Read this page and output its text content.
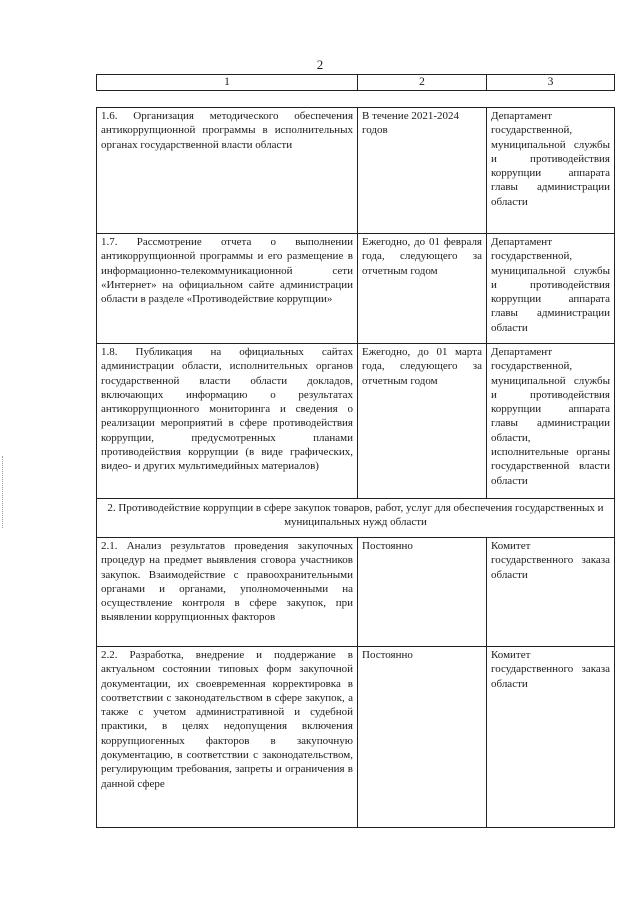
2
1	2	3
1.6. Организация методического обеспечения антикоррупционной программы в исполнительных органах государственной власти области	В течение 2021-2024 годов	Департамент государственной, муниципальной службы и противодействия коррупции аппарата главы администрации области
1.7. Рассмотрение отчета о выполнении антикоррупционной программы и его размещение в информационно-телекоммуникационной сети «Интернет» на официальном сайте администрации области в разделе «Противодействие коррупции»	Ежегодно, до 01 февраля года, следующего за отчетным годом	Департамент государственной, муниципальной службы и противодействия коррупции аппарата главы администрации области
1.8. Публикация на официальных сайтах администрации области, исполнительных органов государственной власти области докладов, включающих информацию о результатах антикоррупционного мониторинга и сведения о реализации мероприятий в сфере противодействия коррупции, предусмотренных планами противодействия коррупции (в виде графических, видео- и других мультимедийных материалов)	Ежегодно, до 01 марта года, следующего за отчетным годом	Департамент государственной, муниципальной службы и противодействия коррупции аппарата главы администрации области, исполнительные органы государственной власти области
2. Противодействие коррупции в сфере закупок товаров, работ, услуг для обеспечения государственных и муниципальных нужд области		
2.1. Анализ результатов проведения закупочных процедур на предмет выявления сговора участников закупок. Взаимодействие с правоохранительными органами и органами, уполномоченными на осуществление контроля в сфере закупок, при выявлении коррупционных факторов	Постоянно	Комитет государственного заказа области
2.2. Разработка, внедрение и поддержание в актуальном состоянии типовых форм закупочной документации, их своевременная корректировка в соответствии с законодательством в сфере закупок, а также с учетом административной и судебной практики, в целях недопущения включения коррупциогенных факторов в закупочную документацию, в соответствии с законодательством, регулирующим требования, запреты и ограничения в данной сфере	Постоянно	Комитет государственного заказа области
